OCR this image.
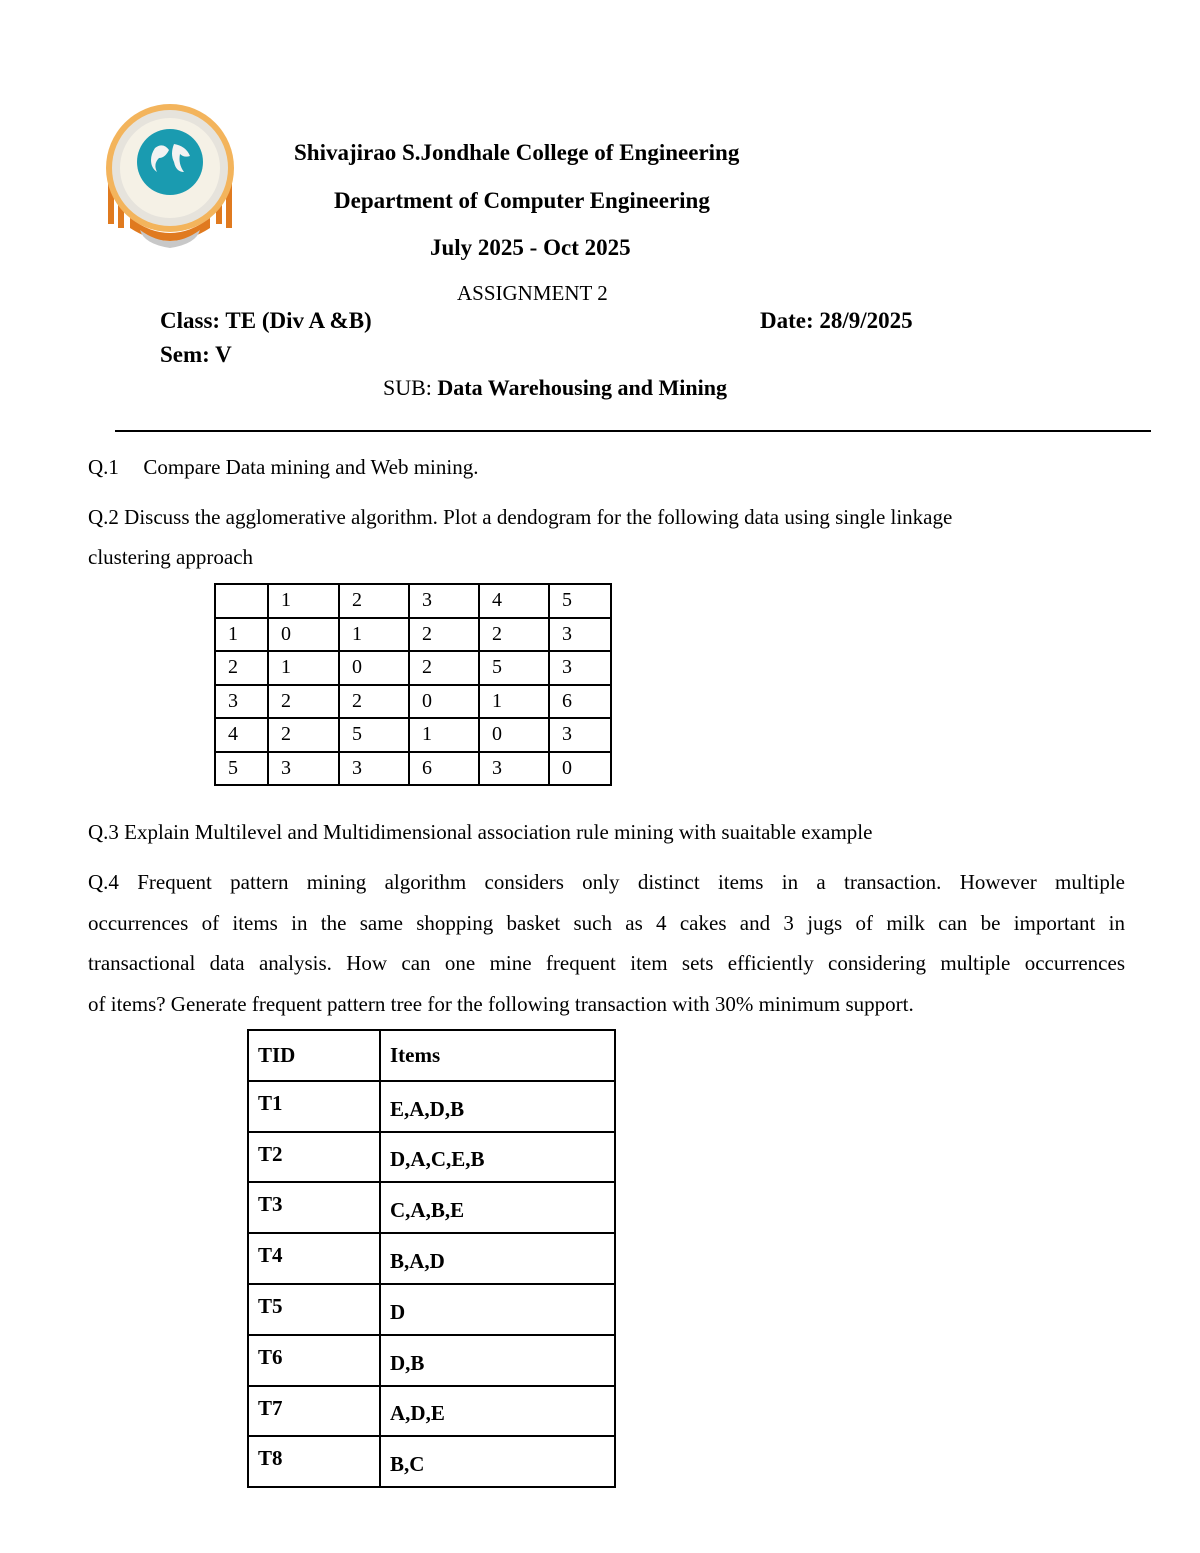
Shivajirao S.Jondhale College of Engineering
Department of Computer Engineering
July 2025 - Oct 2025
ASSIGNMENT 2
Class: TE (Div A &B)	Date: 28/9/2025
Sem: V
SUB: Data Warehousing and Mining
Q.1 Compare Data mining and Web mining.
Q.2 Discuss the agglomerative algorithm. Plot a dendogram for the following data using single linkage
clustering approach
	1	2	3	4	5
1	0	1	2	2	3
2	1	0	2	5	3
3	2	2	0	1	6
4	2	5	1	0	3
5	3	3	6	3	0
Q.3 Explain Multilevel and Multidimensional association rule mining with suaitable example
Q.4 Frequent pattern mining algorithm considers only distinct items in a transaction. However multiple
occurrences of items in the same shopping basket such as 4 cakes and 3 jugs of milk can be important in
transactional data analysis. How can one mine frequent item sets efficiently considering multiple occurrences
of items? Generate frequent pattern tree for the following transaction with 30% minimum support.
TID	Items
T1	E,A,D,B
T2	D,A,C,E,B
T3	C,A,B,E
T4	B,A,D
T5	D
T6	D,B
T7	A,D,E
T8	B,C
